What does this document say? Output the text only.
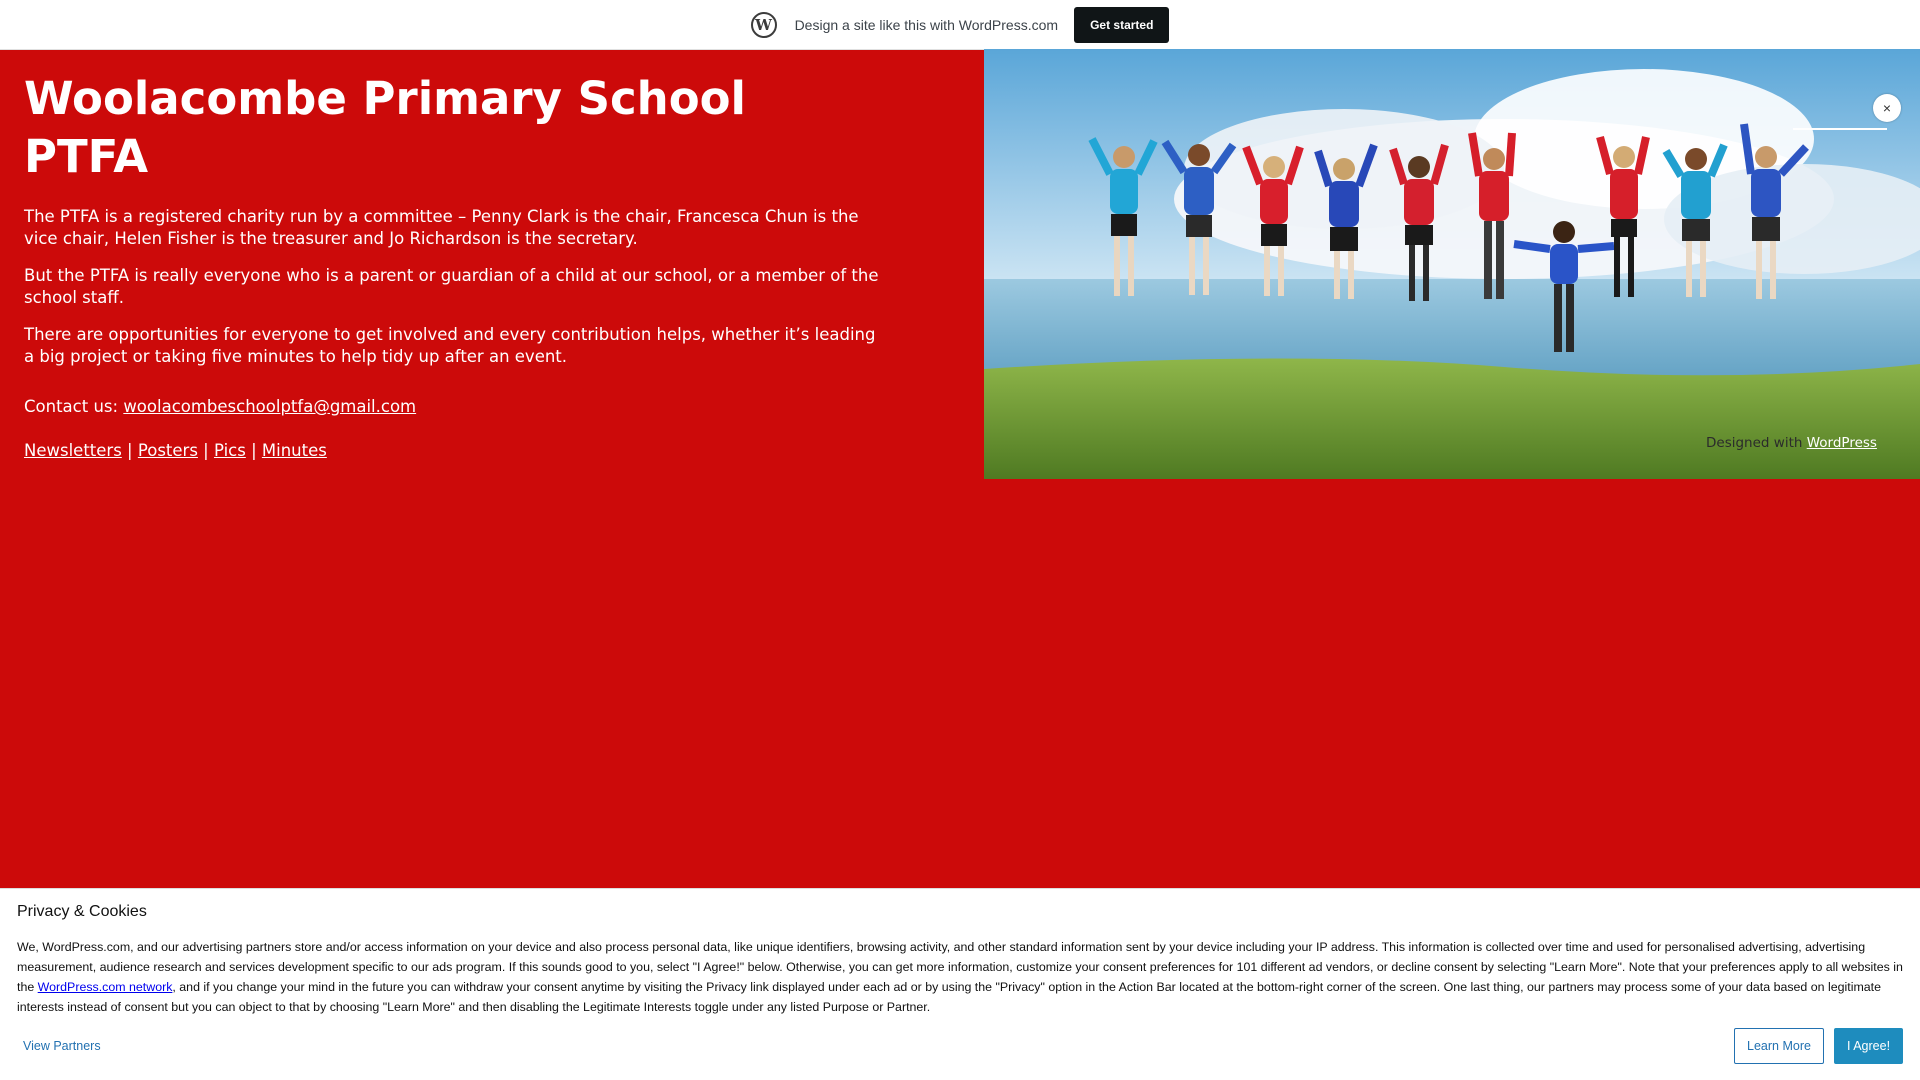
W	Design a site like this with WordPress.com	Get started
Woolacombe Primary School PTFA

The PTFA is a registered charity run by a committee – Penny Clark is the chair, Francesca Chun is the vice chair, Helen Fisher is the treasurer and Jo Richardson is the secretary.

But the PTFA is really everyone who is a parent or guardian of a child at our school, or a member of the school staff.

There are opportunities for everyone to get involved and every contribution helps, whether it’s leading a big project or taking five minutes to help tidy up after an event.

Contact us: woolacombeschoolptfa@gmail.com

Newsletters | Posters | Pics | Minutes

×
Designed with WordPress
Privacy & Cookies

We, WordPress.com, and our advertising partners store and/or access information on your device and also process personal data, like unique identifiers, browsing activity, and other standard information sent by your device including your IP address. This information is collected over time and used for personalised advertising, advertising measurement, audience research and services development specific to our ads program. If this sounds good to you, select "I Agree!" below. Otherwise, you can get more information, customize your consent preferences for 101 different ad vendors, or decline consent by selecting "Learn More". Note that your preferences apply to all websites in the WordPress.com network, and if you change your mind in the future you can withdraw your consent anytime by visiting the Privacy link displayed under each ad or by using the "Privacy" option in the Action Bar located at the bottom-right corner of the screen. One last thing, our partners may process some of your data based on legitimate interests instead of consent but you can object to that by choosing "Learn More" and then disabling the Legitimate Interests toggle under any listed Purpose or Partner.

View Partners	Learn More	I Agree!
